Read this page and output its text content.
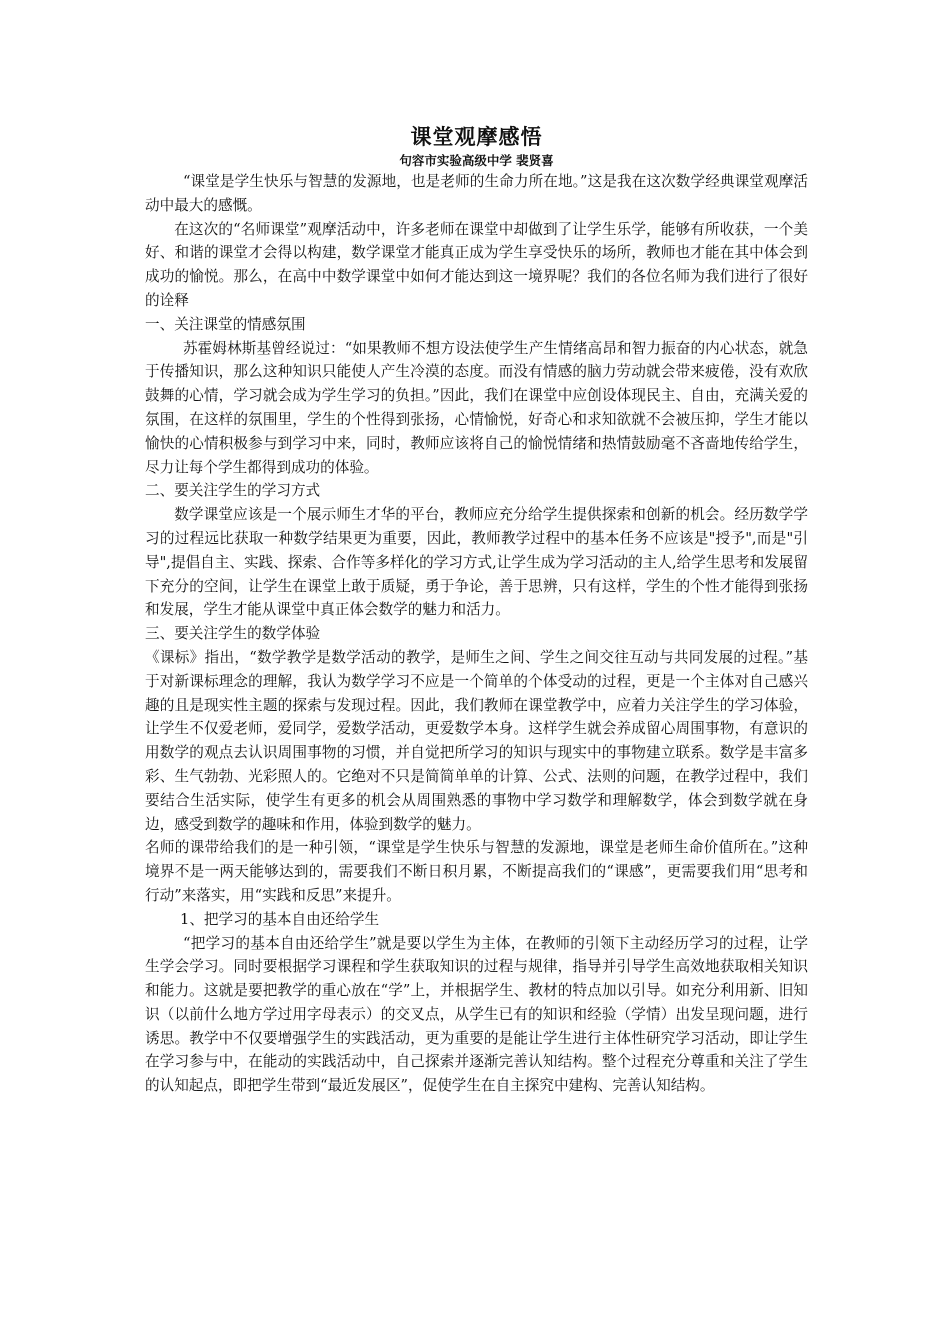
课堂观摩感悟
句容市实验高级中学 裴贤喜

“课堂是学生快乐与智慧的发源地，也是老师的生命力所在地。”这是我在这次数学经典课堂观摩活动中最大的感慨。

在这次的“名师课堂”观摩活动中，许多老师在课堂中却做到了让学生乐学，能够有所收获，一个美好、和谐的课堂才会得以构建，数学课堂才能真正成为学生享受快乐的场所，教师也才能在其中体会到成功的愉悦。那么，在高中中数学课堂中如何才能达到这一境界呢？我们的各位名师为我们进行了很好的诠释

一、关注课堂的情感氛围

苏霍姆林斯基曾经说过：“如果教师不想方设法使学生产生情绪高昂和智力振奋的内心状态，就急于传播知识，那么这种知识只能使人产生冷漠的态度。而没有情感的脑力劳动就会带来疲倦，没有欢欣鼓舞的心情，学习就会成为学生学习的负担。”因此，我们在课堂中应创设体现民主、自由，充满关爱的氛围，在这样的氛围里，学生的个性得到张扬，心情愉悦，好奇心和求知欲就不会被压抑，学生才能以愉快的心情积极参与到学习中来，同时，教师应该将自己的愉悦情绪和热情鼓励毫不吝啬地传给学生，尽力让每个学生都得到成功的体验。

二、要关注学生的学习方式

数学课堂应该是一个展示师生才华的平台，教师应充分给学生提供探索和创新的机会。经历数学学习的过程远比获取一种数学结果更为重要，因此，教师教学过程中的基本任务不应该是"授予",而是"引导",提倡自主、实践、探索、合作等多样化的学习方式,让学生成为学习活动的主人,给学生思考和发展留下充分的空间，让学生在课堂上敢于质疑，勇于争论，善于思辨，只有这样，学生的个性才能得到张扬和发展，学生才能从课堂中真正体会数学的魅力和活力。

三、要关注学生的数学体验

《课标》指出，“数学教学是数学活动的教学，是师生之间、学生之间交往互动与共同发展的过程。”基于对新课标理念的理解，我认为数学学习不应是一个简单的个体受动的过程，更是一个主体对自己感兴趣的且是现实性主题的探索与发现过程。因此，我们教师在课堂教学中，应着力关注学生的学习体验，让学生不仅爱老师，爱同学，爱数学活动，更爱数学本身。这样学生就会养成留心周围事物，有意识的用数学的观点去认识周围事物的习惯，并自觉把所学习的知识与现实中的事物建立联系。数学是丰富多彩、生气勃勃、光彩照人的。它绝对不只是简简单单的计算、公式、法则的问题，在教学过程中，我们要结合生活实际，使学生有更多的机会从周围熟悉的事物中学习数学和理解数学，体会到数学就在身边，感受到数学的趣味和作用，体验到数学的魅力。

名师的课带给我们的是一种引领，“课堂是学生快乐与智慧的发源地，课堂是老师生命价值所在。”这种境界不是一两天能够达到的，需要我们不断日积月累，不断提高我们的“课感”，更需要我们用“思考和行动”来落实，用“实践和反思”来提升。

1、把学习的基本自由还给学生

“把学习的基本自由还给学生”就是要以学生为主体，在教师的引领下主动经历学习的过程，让学生学会学习。同时要根据学习课程和学生获取知识的过程与规律，指导并引导学生高效地获取相关知识和能力。这就是要把教学的重心放在“学”上，并根据学生、教材的特点加以引导。如充分利用新、旧知识（以前什么地方学过用字母表示）的交叉点，从学生已有的知识和经验（学情）出发呈现问题，进行诱思。教学中不仅要增强学生的实践活动，更为重要的是能让学生进行主体性研究学习活动，即让学生在学习参与中，在能动的实践活动中，自己探索并逐渐完善认知结构。整个过程充分尊重和关注了学生的认知起点，即把学生带到“最近发展区”，促使学生在自主探究中建构、完善认知结构。
